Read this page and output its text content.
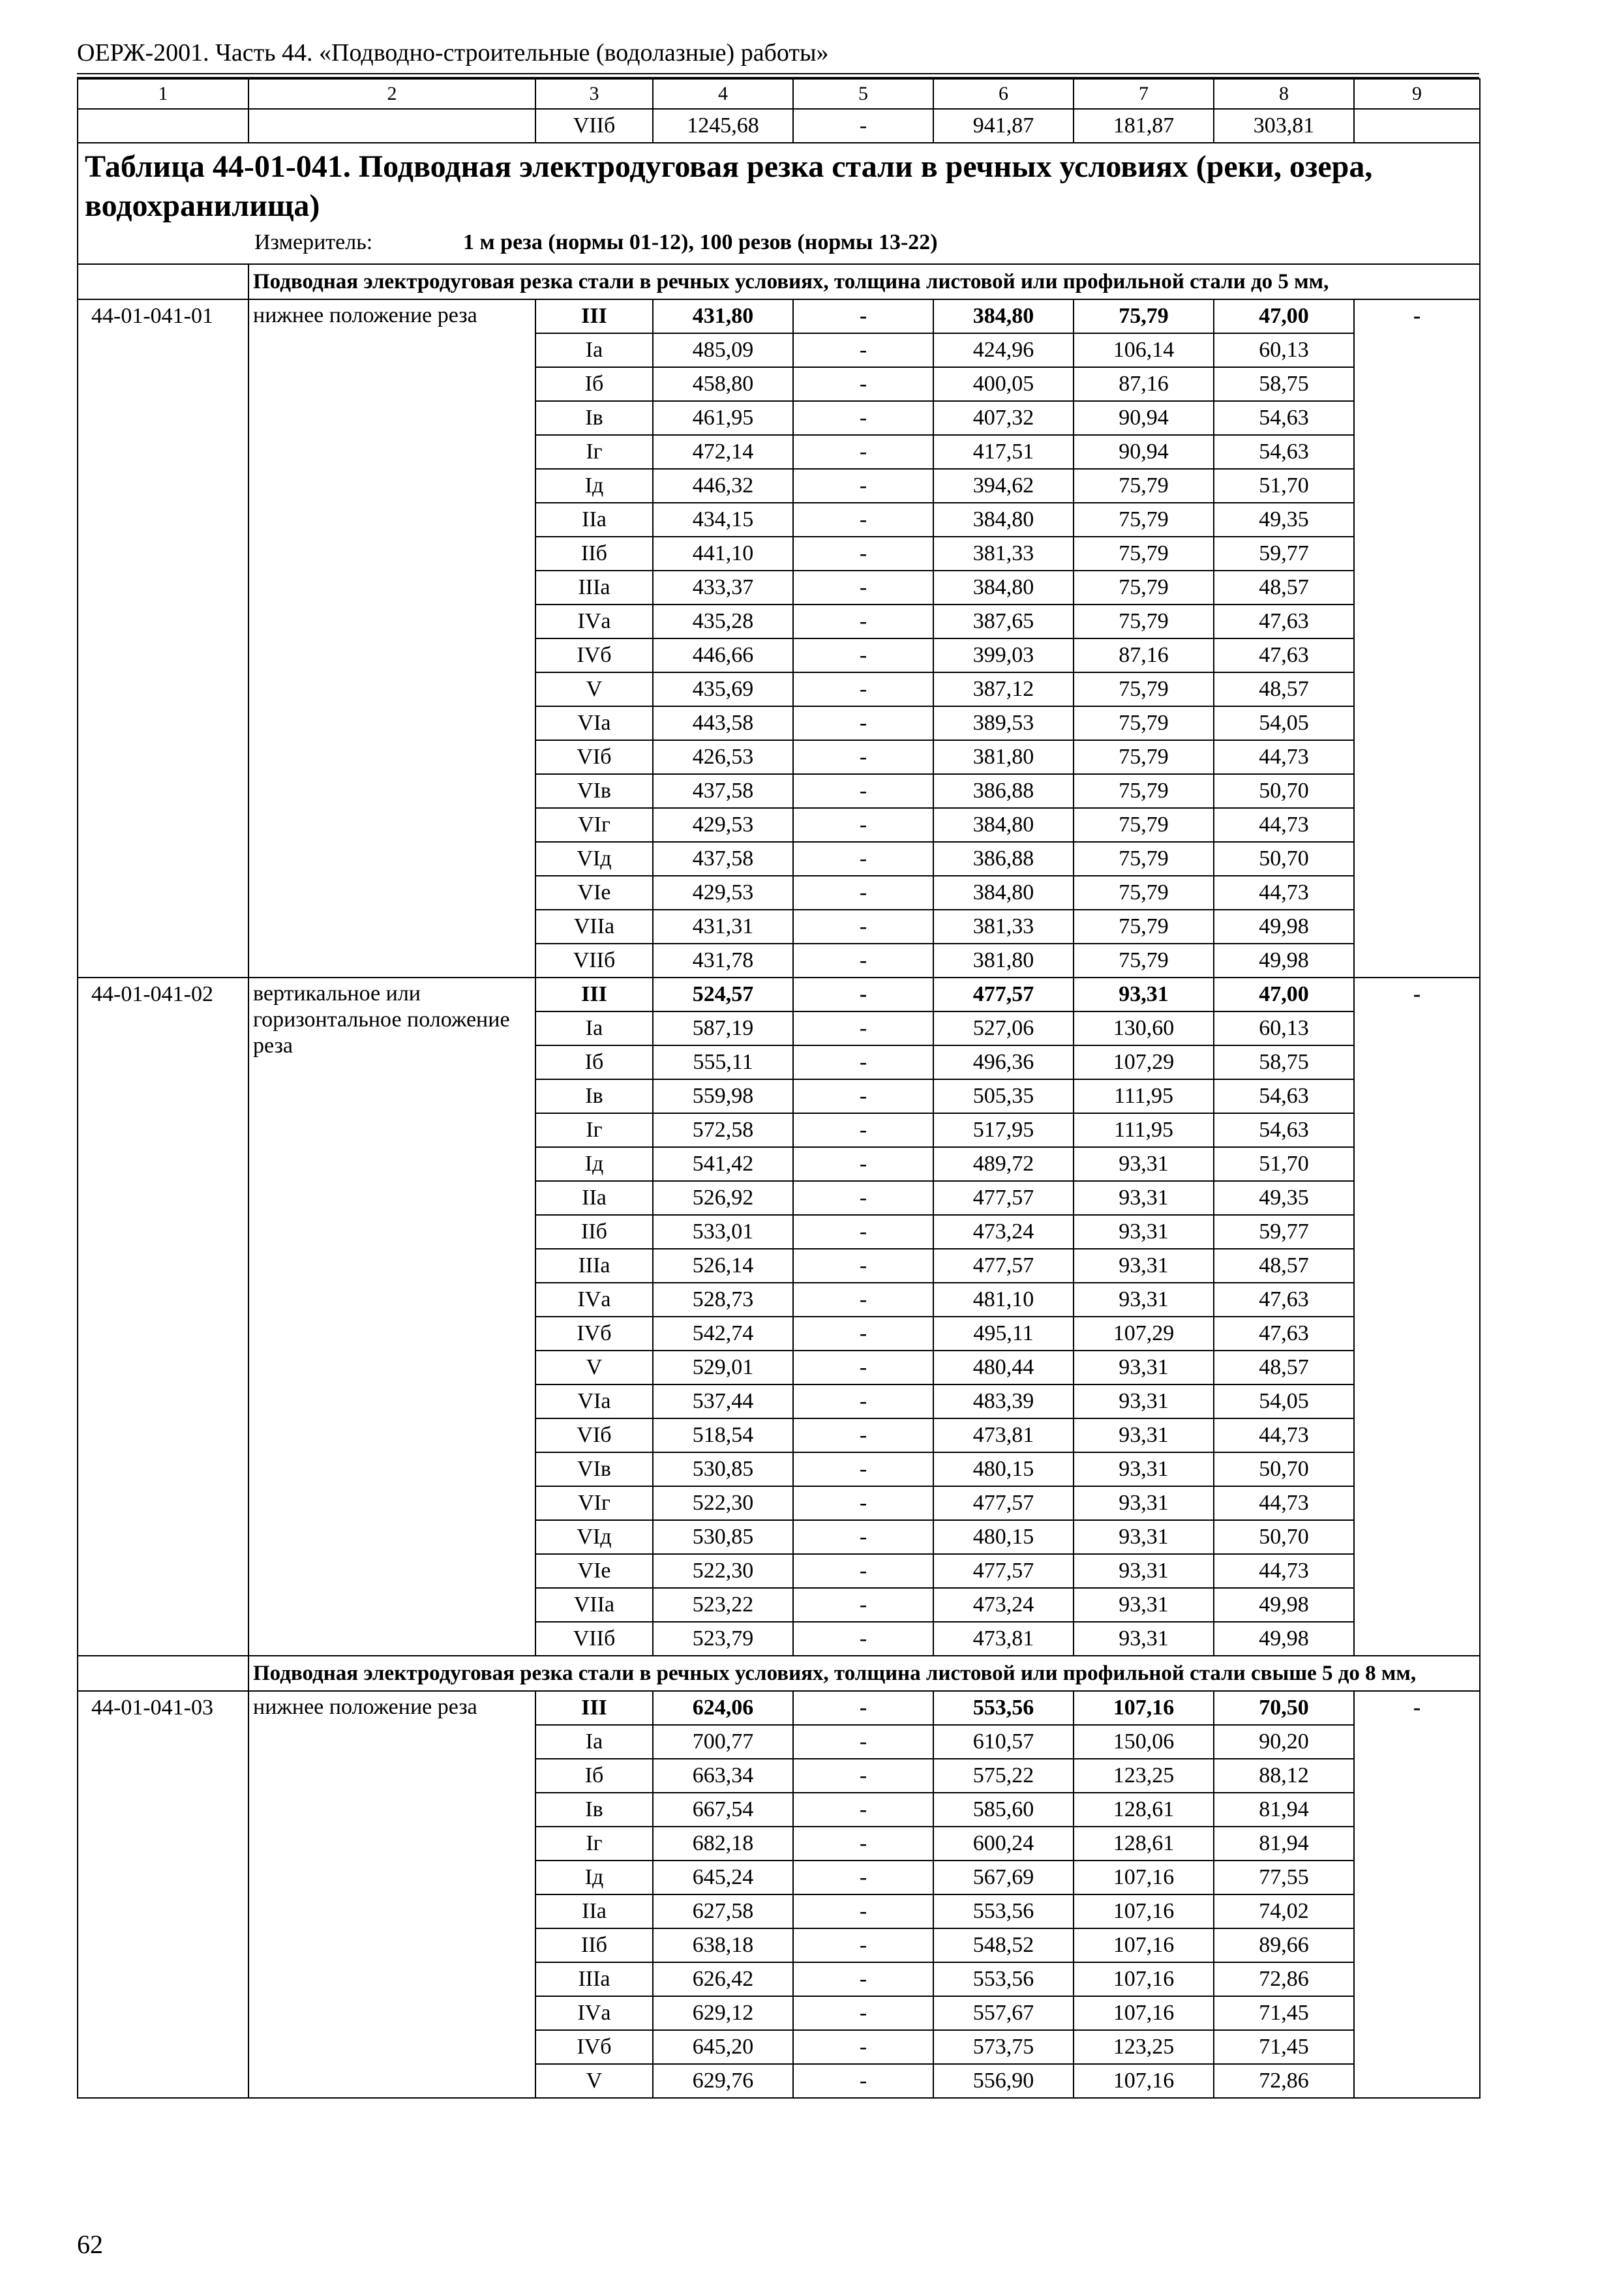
ОЕРЖ-2001. Часть 44. «Подводно-строительные (водолазные) работы»
1	2	3	4	5	6	7	8	9
		VIIб	1245,68	-	941,87	181,87	303,81	

Таблица 44-01-041. Подводная электродуговая резка стали в речных условиях (реки, озера, водохранилища)
Измеритель: 1 м реза (нормы 01-12), 100 резов (нормы 13-22)								

	Подводная электродуговая резка стали в речных условиях, толщина листовой или профильной стали до 5 мм,							
44-01-041-01	нижнее положение реза	III	431,80	-	384,80	75,79	47,00	-
		Iа	485,09	-	424,96	106,14	60,13	
		Iб	458,80	-	400,05	87,16	58,75	
		Iв	461,95	-	407,32	90,94	54,63	
		Iг	472,14	-	417,51	90,94	54,63	
		Iд	446,32	-	394,62	75,79	51,70	
		IIа	434,15	-	384,80	75,79	49,35	
		IIб	441,10	-	381,33	75,79	59,77	
		IIIа	433,37	-	384,80	75,79	48,57	
		IVа	435,28	-	387,65	75,79	47,63	
		IVб	446,66	-	399,03	87,16	47,63	
		V	435,69	-	387,12	75,79	48,57	
		VIа	443,58	-	389,53	75,79	54,05	
		VIб	426,53	-	381,80	75,79	44,73	
		VIв	437,58	-	386,88	75,79	50,70	
		VIг	429,53	-	384,80	75,79	44,73	
		VIд	437,58	-	386,88	75,79	50,70	
		VIе	429,53	-	384,80	75,79	44,73	
		VIIа	431,31	-	381,33	75,79	49,98	
		VIIб	431,78	-	381,80	75,79	49,98	
44-01-041-02	вертикальное или горизонтальное положение реза	III	524,57	-	477,57	93,31	47,00	-
		Iа	587,19	-	527,06	130,60	60,13	
		Iб	555,11	-	496,36	107,29	58,75	
		Iв	559,98	-	505,35	111,95	54,63	
		Iг	572,58	-	517,95	111,95	54,63	
		Iд	541,42	-	489,72	93,31	51,70	
		IIа	526,92	-	477,57	93,31	49,35	
		IIб	533,01	-	473,24	93,31	59,77	
		IIIа	526,14	-	477,57	93,31	48,57	
		IVа	528,73	-	481,10	93,31	47,63	
		IVб	542,74	-	495,11	107,29	47,63	
		V	529,01	-	480,44	93,31	48,57	
		VIа	537,44	-	483,39	93,31	54,05	
		VIб	518,54	-	473,81	93,31	44,73	
		VIв	530,85	-	480,15	93,31	50,70	
		VIг	522,30	-	477,57	93,31	44,73	
		VIд	530,85	-	480,15	93,31	50,70	
		VIе	522,30	-	477,57	93,31	44,73	
		VIIа	523,22	-	473,24	93,31	49,98	
		VIIб	523,79	-	473,81	93,31	49,98	
	Подводная электродуговая резка стали в речных условиях, толщина листовой или профильной стали свыше 5 до 8 мм,							
44-01-041-03	нижнее положение реза	III	624,06	-	553,56	107,16	70,50	-
		Iа	700,77	-	610,57	150,06	90,20	
		Iб	663,34	-	575,22	123,25	88,12	
		Iв	667,54	-	585,60	128,61	81,94	
		Iг	682,18	-	600,24	128,61	81,94	
		Iд	645,24	-	567,69	107,16	77,55	
		IIа	627,58	-	553,56	107,16	74,02	
		IIб	638,18	-	548,52	107,16	89,66	
		IIIа	626,42	-	553,56	107,16	72,86	
		IVа	629,12	-	557,67	107,16	71,45	
		IVб	645,20	-	573,75	123,25	71,45	
		V	629,76	-	556,90	107,16	72,86	
62
